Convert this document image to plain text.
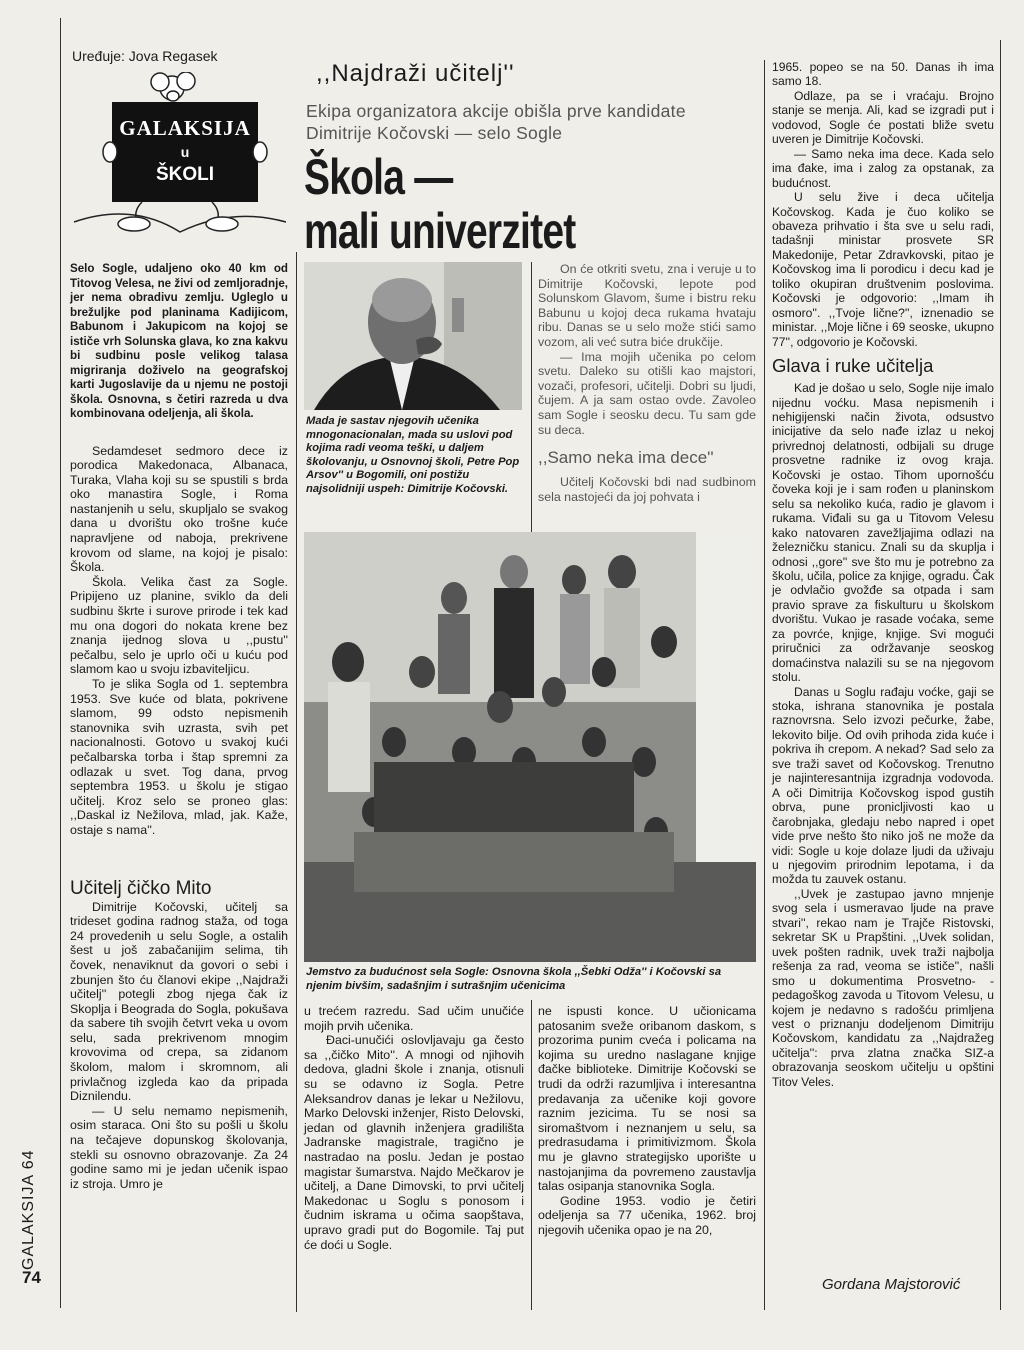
GALAKSIJA 64
74
Uređuje: Jova Regasek
GALAKSIJA
u
ŠKOLI
,,Najdraži učitelj''
Ekipa organizatora akcije obišla prve kandidate
Dimitrije Kočovski — selo Sogle
Škola —
mali univerzitet

Selo Sogle, udaljeno oko 40 km od Titovog Velesa, ne živi od zemljoradnje, jer nema obradivu zemlju. Ugleglo u brežuljke pod planinama Kadijicom, Babunom i Jakupicom na kojoj se ističe vrh Solunska glava, ko zna kakvu bi sudbinu posle velikog talasa migriranja doživelo na geografskoj karti Jugoslavije da u njemu ne postoji škola. Osnovna, s četiri razreda u dva kombinovana odeljenja, ali škola.

Sedamdeset sedmoro dece iz porodica Makedonaca, Albanaca, Turaka, Vlaha koji su se spustili s brda oko manastira Sogle, i Roma nastanjenih u selu, skupljalo se svakog dana u dvorištu oko trošne kuće napravljene od naboja, prekrivene krovom od slame, na kojoj je pisalo: Škola.

Škola. Velika čast za Sogle. Pripijeno uz planine, sviklo da deli sudbinu škrte i surove prirode i tek kad mu ona dogori do nokata krene bez znanja ijednog slova u ,,pustu'' pečalbu, selo je uprlo oči u kuću pod slamom kao u svoju izbaviteljicu.

To je slika Sogla od 1. septembra 1953. Sve kuće od blata, pokrivene slamom, 99 odsto nepismenih stanovnika svih uzrasta, svih pet nacionalnosti. Gotovo u svakoj kući pečalbarska torba i štap spremni za odlazak u svet. Tog dana, prvog septembra 1953. u školu je stigao učitelj. Kroz selo se proneo glas: ,,Daskal iz Nežilova, mlad, jak. Kaže, ostaje s nama''.

Učitelj čičko Mito

Dimitrije Kočovski, učitelj sa trideset godina radnog staža, od toga 24 provedenih u selu Sogle, a ostalih šest u još zabačanijim selima, tih čovek, nenaviknut da govori o sebi i zbunjen što ću članovi ekipe ,,Najdraži učitelj'' potegli zbog njega čak iz Skoplja i Beograda do Sogla, pokušava da sabere tih svojih četvrt veka u ovom selu, sada prekrivenom mnogim krovovima od crepa, sa zidanom školom, malom i skromnom, ali privlačnog izgleda kao da pripada Diznilendu.

— U selu nemamo nepismenih, osim staraca. Oni što su pošli u školu na tečajeve dopunskog školovanja, stekli su osnovno obrazovanje. Za 24 godine samo mi je jedan učenik ispao iz stroja. Umro je

Mada je sastav njegovih učenika mnogonacionalan, mada su uslovi pod kojima radi veoma teški, u daljem školovanju, u Osnovnoj školi, Petre Pop Arsov'' u Bogomili, oni postižu najsolidniji uspeh: Dimitrije Kočovski.

On će otkriti svetu, zna i veruje u to Dimitrije Kočovski, lepote pod Solunskom Glavom, šume i bistru reku Babunu u kojoj deca rukama hvataju ribu. Danas se u selo može stići samo vozom, ali već sutra biće drukčije.

— Ima mojih učenika po celom svetu. Daleko su otišli kao majstori, vozači, profesori, učitelji. Dobri su ljudi, čujem. A ja sam ostao ovde. Zavoleo sam Sogle i seosku decu. Tu sam gde su deca.

,,Samo neka ima dece''

Učitelj Kočovski bdi nad sudbinom sela nastojeći da joj pohvata i

Jemstvo za budućnost sela Sogle: Osnovna škola ,,Šebki Odža'' i Kočovski sa njenim bivšim, sadašnjim i sutrašnjim učenicima

u trećem razredu. Sad učim unučiće mojih prvih učenika.

Đaci-unučići oslovljavaju ga često sa ,,čičko Mito''. A mnogi od njihovih dedova, gladni škole i znanja, otisnuli su se odavno iz Sogla. Petre Aleksandrov danas je lekar u Nežilovu, Marko Delovski inženjer, Risto Delovski, jedan od glavnih inženjera gradilišta Jadranske magistrale, tragično je nastradao na poslu. Jedan je postao magistar šumarstva. Najdo Mečkarov je učitelj, a Dane Dimovski, to prvi učitelj Makedonac u Soglu s ponosom i čudnim iskrama u očima saopštava, upravo gradi put do Bogomile. Taj put će doći u Sogle.

ne ispusti konce. U učionicama patosanim sveže oribanom daskom, s prozorima punim cveća i policama na kojima su uredno naslagane knjige đačke biblioteke. Dimitrije Kočovski se trudi da održi razumljiva i interesantna predavanja za učenike koji govore raznim jezicima. Tu se nosi sa siromaštvom i neznanjem u selu, sa predrasudama i primitivizmom. Škola mu je glavno strategijsko uporište u nastojanjima da povremeno zaustavlja talas osipanja stanovnika Sogla.

Godine 1953. vodio je četiri odeljenja sa 77 učenika, 1962. broj njegovih učenika opao je na 20,

1965. popeo se na 50. Danas ih ima samo 18.

Odlaze, pa se i vraćaju. Brojno stanje se menja. Ali, kad se izgradi put i vodovod, Sogle će postati bliže svetu uveren je Dimitrije Kočovski.

— Samo neka ima dece. Kada selo ima đake, ima i zalog za opstanak, za budućnost.

U selu žive i deca učitelja Kočovskog. Kada je čuo koliko se obaveza prihvatio i šta sve u selu radi, tadašnji ministar prosvete SR Makedonije, Petar Zdravkovski, pitao je Kočovskog ima li porodicu i decu kad je toliko okupiran društvenim poslovima. Kočovski je odgovorio: ,,Imam ih osmoro''. ,,Tvoje lične?'', iznenadio se ministar. ,,Moje lične i 69 seoske, ukupno 77'', odgovorio je Kočovski.

Glava i ruke učitelja

Kad je došao u selo, Sogle nije imalo nijednu voćku. Masa nepismenih i nehigijenski način života, odsustvo inicijative da selo nađe izlaz u nekoj privrednoj delatnosti, odbijali su druge prosvetne radnike iz ovog kraja. Kočovski je ostao. Tihom upornošću čoveka koji je i sam rođen u planinskom selu sa nekoliko kuća, radio je glavom i rukama. Viđali su ga u Titovom Velesu kako natovaren zavežljajima odlazi na železničku stanicu. Znali su da skuplja i odnosi ,,gore'' sve što mu je potrebno za školu, učila, police za knjige, ogradu. Čak je odvlačio gvožđe sa otpada i sam pravio sprave za fiskulturu u školskom dvorištu. Vukao je rasade voćaka, seme za povrće, knjige, knjige. Svi mogući priručnici za održavanje seoskog domaćinstva nalazili su se na njegovom stolu.

Danas u Soglu rađaju voćke, gaji se stoka, ishrana stanovnika je postala raznovrsna. Selo izvozi pečurke, žabe, lekovito bilje. Od ovih prihoda zida kuće i pokriva ih crepom. A nekad? Sad selo za sve traži savet od Kočovskog. Trenutno je najinteresantnija izgradnja vodovoda. A oči Dimitrija Kočovskog ispod gustih obrva, pune pronicljivosti kao u čarobnjaka, gledaju nebo napred i opet vide prve nešto što niko još ne može da vidi: Sogle u koje dolaze ljudi da uživaju u njegovim prirodnim lepotama, i da možda tu zauvek ostanu.

,,Uvek je zastupao javno mnjenje svog sela i usmeravao ljude na prave stvari'', rekao nam je Trajče Ristovski, sekretar SK u Prapštini. ,,Uvek solidan, uvek pošten radnik, uvek traži najbolja rešenja za rad, veoma se ističe'', našli smo u dokumentima Prosvetno- -pedagoškog zavoda u Titovom Velesu, u kojem je nedavno s radošću primljena vest o priznanju dodeljenom Dimitriju Kočovskom, kandidatu za ,,Najdražeg učitelja'': prva zlatna značka SIZ-a obrazovanja seoskom učitelju u opštini Titov Veles.

Gordana Majstorović
